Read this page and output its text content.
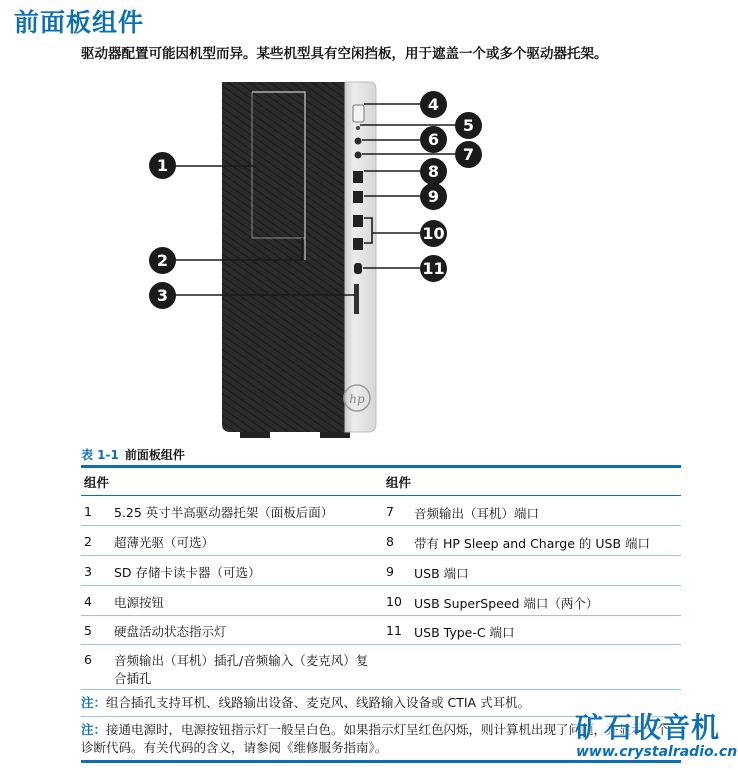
前面板组件
驱动器配置可能因机型而异。某些机型具有空闲挡板，用于遮盖一个或多个驱动器托架。
hp
1
2
3
4
5
6
7
8
9
10
11
表 1-1 前面板组件
组件	组件
1 5.25 英寸半高驱动器托架（面板后面）	7 音频输出（耳机）端口
2 超薄光驱（可选）	8 带有 HP Sleep and Charge 的 USB 端口
3 SD 存储卡读卡器（可选）	9 USB 端口
4 电源按钮	10 USB SuperSpeed 端口（两个）
5 硬盘活动状态指示灯	11 USB Type-C 端口
6 音频输出（耳机）插孔/音频输入（麦克风）复合插孔
注：组合插孔支持耳机、线路输出设备、麦克风、线路输入设备或 CTIA 式耳机。
注：接通电源时，电源按钮指示灯一般呈白色。如果指示灯呈红色闪烁，则计算机出现了问题，并显示一个诊断代码。有关代码的含义，请参阅《维修服务指南》。
矿石收音机
www.crystalradio.cn
